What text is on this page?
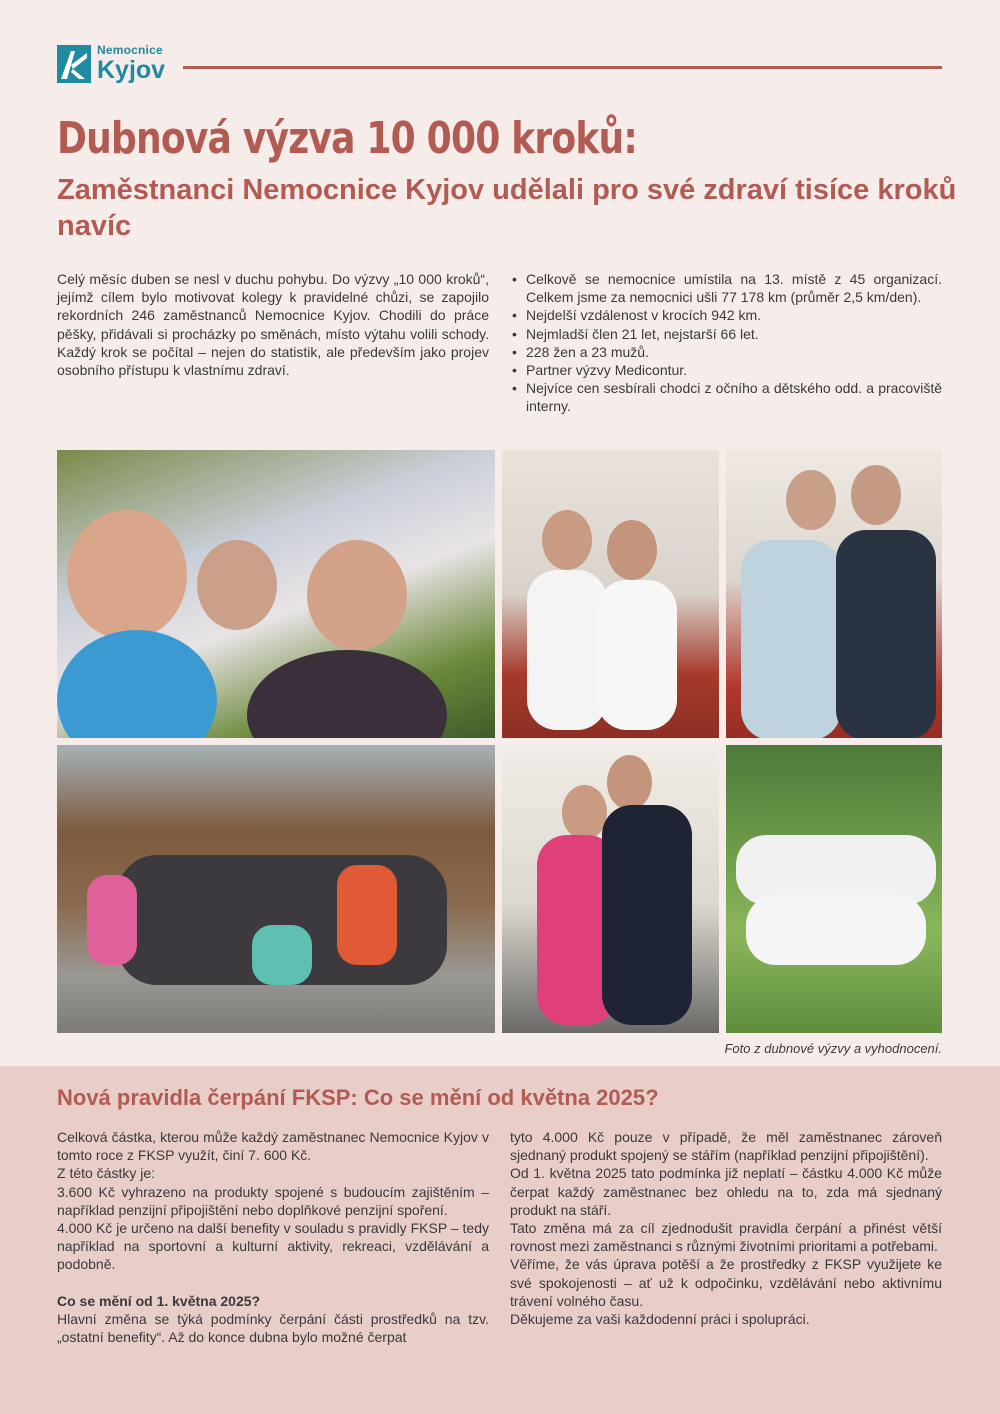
Nemocnice
Kyjov
Dubnová výzva 10 000 kroků:
Zaměstnanci Nemocnice Kyjov udělali pro své zdraví tisíce kroků navíc
Celý měsíc duben se nesl v duchu pohybu. Do výzvy „10 000 kroků“, jejímž cílem bylo motivovat kolegy k pravidelné chůzi, se zapojilo rekordních 246 zaměstnanců Nemocnice Kyjov. Chodili do práce pěšky, přidávali si procházky po směnách, místo výtahu volili schody. Každý krok se počítal – nejen do statistik, ale především jako projev osobního přístupu k vlastnímu zdraví.
• Celkově se nemocnice umístila na 13. místě z 45 organizací. Celkem jsme za nemocnici ušli 77 178 km (průměr 2,5 km/den).
• Nejdelší vzdálenost v krocích 942 km.
• Nejmladší člen 21 let, nejstarší 66 let.
• 228 žen a 23 mužů.
• Partner výzvy Medicontur.
• Nejvíce cen sesbírali chodci z očního a dětského odd. a pracoviště interny.
Foto z dubnové výzvy a vyhodnocení.
Nová pravidla čerpání FKSP: Co se mění od května 2025?

Celková částka, kterou může každý zaměstnanec Nemocnice Kyjov v tomto roce z FKSP využít, činí 7. 600 Kč.

Z této částky je:

3.600 Kč vyhrazeno na produkty spojené s budoucím zajištěním – například penzijní připojištění nebo doplňkové penzijní spoření.

4.000 Kč je určeno na další benefity v souladu s pravidly FKSP – tedy například na sportovní a kulturní aktivity, rekreaci, vzdělávání a podobně.

Co se mění od 1. května 2025?

Hlavní změna se týká podmínky čerpání části prostředků na tzv. „ostatní benefity“. Až do konce dubna bylo možné čerpat

tyto 4.000 Kč pouze v případě, že měl zaměstnanec zároveň sjednaný produkt spojený se stářím (například penzijní připojištění).

Od 1. května 2025 tato podmínka již neplatí – částku 4.000 Kč může čerpat každý zaměstnanec bez ohledu na to, zda má sjednaný produkt na stáří.

Tato změna má za cíl zjednodušit pravidla čerpání a přinést větší rovnost mezi zaměstnanci s různými životními prioritami a potřebami.

Věříme, že vás úprava potěší a že prostředky z FKSP využijete ke své spokojenosti – ať už k odpočinku, vzdělávání nebo aktivnímu trávení volného času.

Děkujeme za vaši každodenní práci i spolupráci.
